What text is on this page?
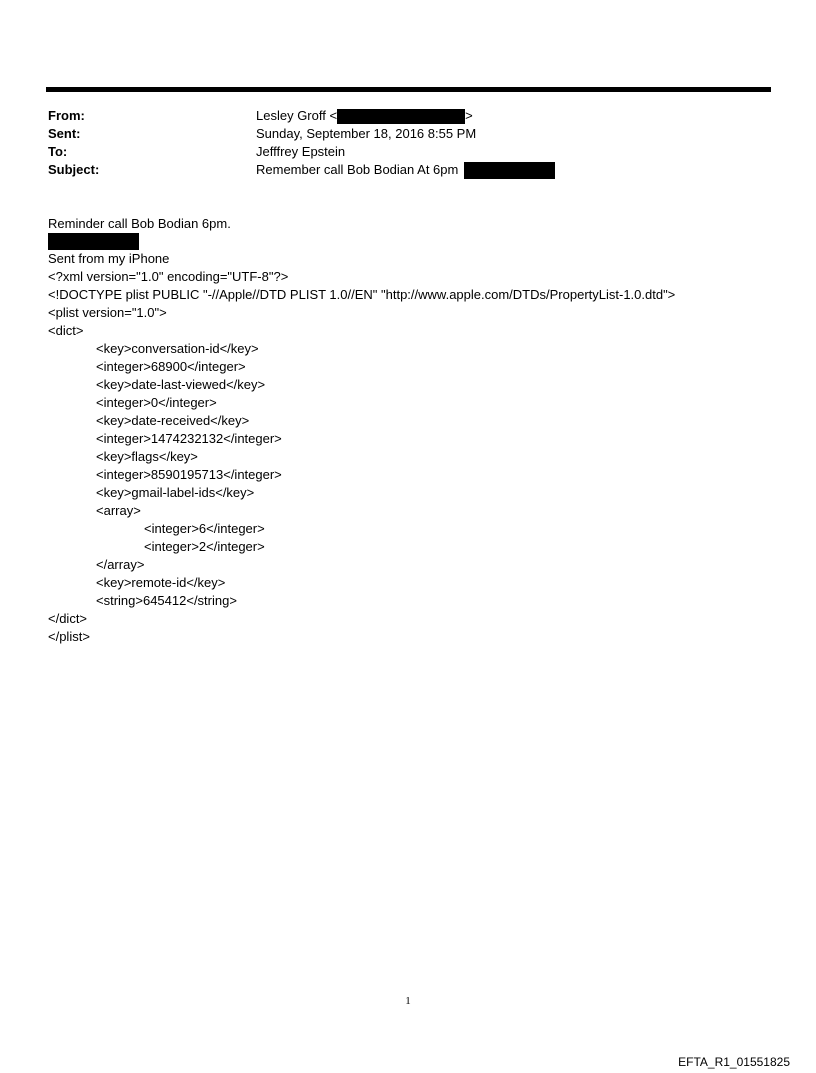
From:	Lesley Groff <	>
Sent:	Sunday, September 18, 2016 8:55 PM
To:	Jefffrey Epstein
Subject:	Remember call Bob Bodian At 6pm
Reminder call Bob Bodian 6pm.
Sent from my iPhone
<?xml version="1.0" encoding="UTF-8"?>
<!DOCTYPE plist PUBLIC "-//Apple//DTD PLIST 1.0//EN" "http://www.apple.com/DTDs/PropertyList-1.0.dtd">
<plist version="1.0">
<dict>
<key>conversation-id</key>
<integer>68900</integer>
<key>date-last-viewed</key>
<integer>0</integer>
<key>date-received</key>
<integer>1474232132</integer>
<key>flags</key>
<integer>8590195713</integer>
<key>gmail-label-ids</key>
<array>
<integer>6</integer>
<integer>2</integer>
</array>
<key>remote-id</key>
<string>645412</string>
</dict>
</plist>
1
EFTA_R1_01551825
